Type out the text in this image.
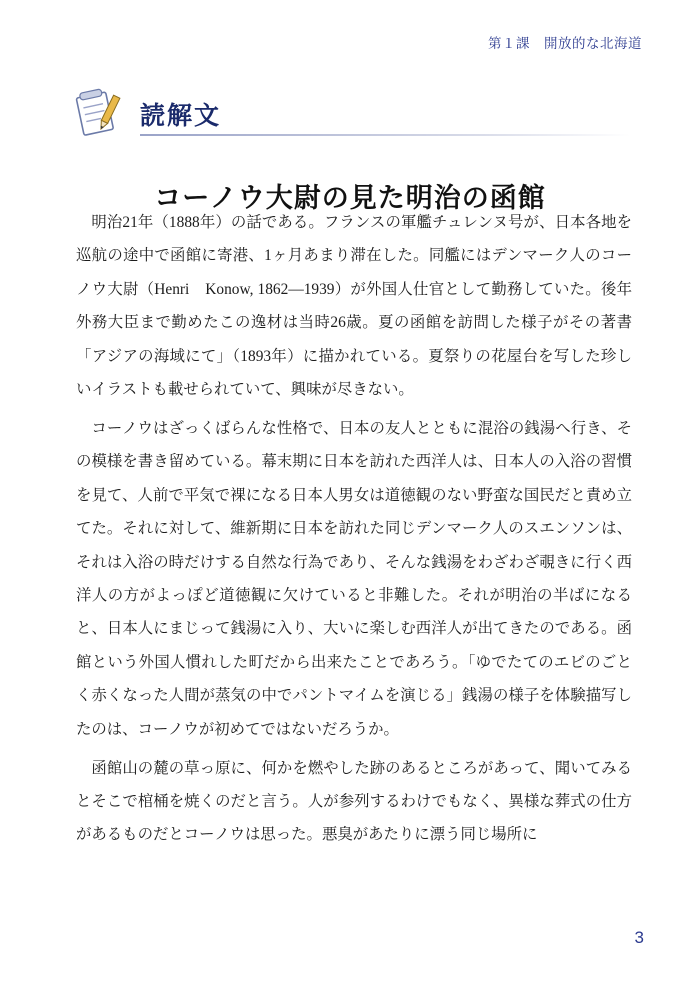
第１課 開放的な北海道
読解文
コーノウ大尉の見た明治の函館

明治21年（1888年）の話である。フランスの軍艦チュレンヌ号が、日本各地を巡航の途中で函館に寄港、1ヶ月あまり滞在した。同艦にはデンマーク人のコーノウ大尉（Henri　Konow, 1862―1939）が外国人仕官として勤務していた。後年外務大臣まで勤めたこの逸材は当時26歳。夏の函館を訪問した様子がその著書「アジアの海域にて」（1893年）に描かれている。夏祭りの花屋台を写した珍しいイラストも載せられていて、興味が尽きない。

コーノウはざっくばらんな性格で、日本の友人とともに混浴の銭湯へ行き、その模様を書き留めている。幕末期に日本を訪れた西洋人は、日本人の入浴の習慣を見て、人前で平気で裸になる日本人男女は道徳観のない野蛮な国民だと責め立てた。それに対して、維新期に日本を訪れた同じデンマーク人のスエンソンは、それは入浴の時だけする自然な行為であり、そんな銭湯をわざわざ覗きに行く西洋人の方がよっぽど道徳観に欠けていると非難した。それが明治の半ばになると、日本人にまじって銭湯に入り、大いに楽しむ西洋人が出てきたのである。函館という外国人慣れした町だから出来たことであろう。「ゆでたてのエビのごとく赤くなった人間が蒸気の中でパントマイムを演じる」銭湯の様子を体験描写したのは、コーノウが初めてではないだろうか。

函館山の麓の草っ原に、何かを燃やした跡のあるところがあって、聞いてみるとそこで棺桶を焼くのだと言う。人が参列するわけでもなく、異様な葬式の仕方があるものだとコーノウは思った。悪臭があたりに漂う同じ場所に

3
